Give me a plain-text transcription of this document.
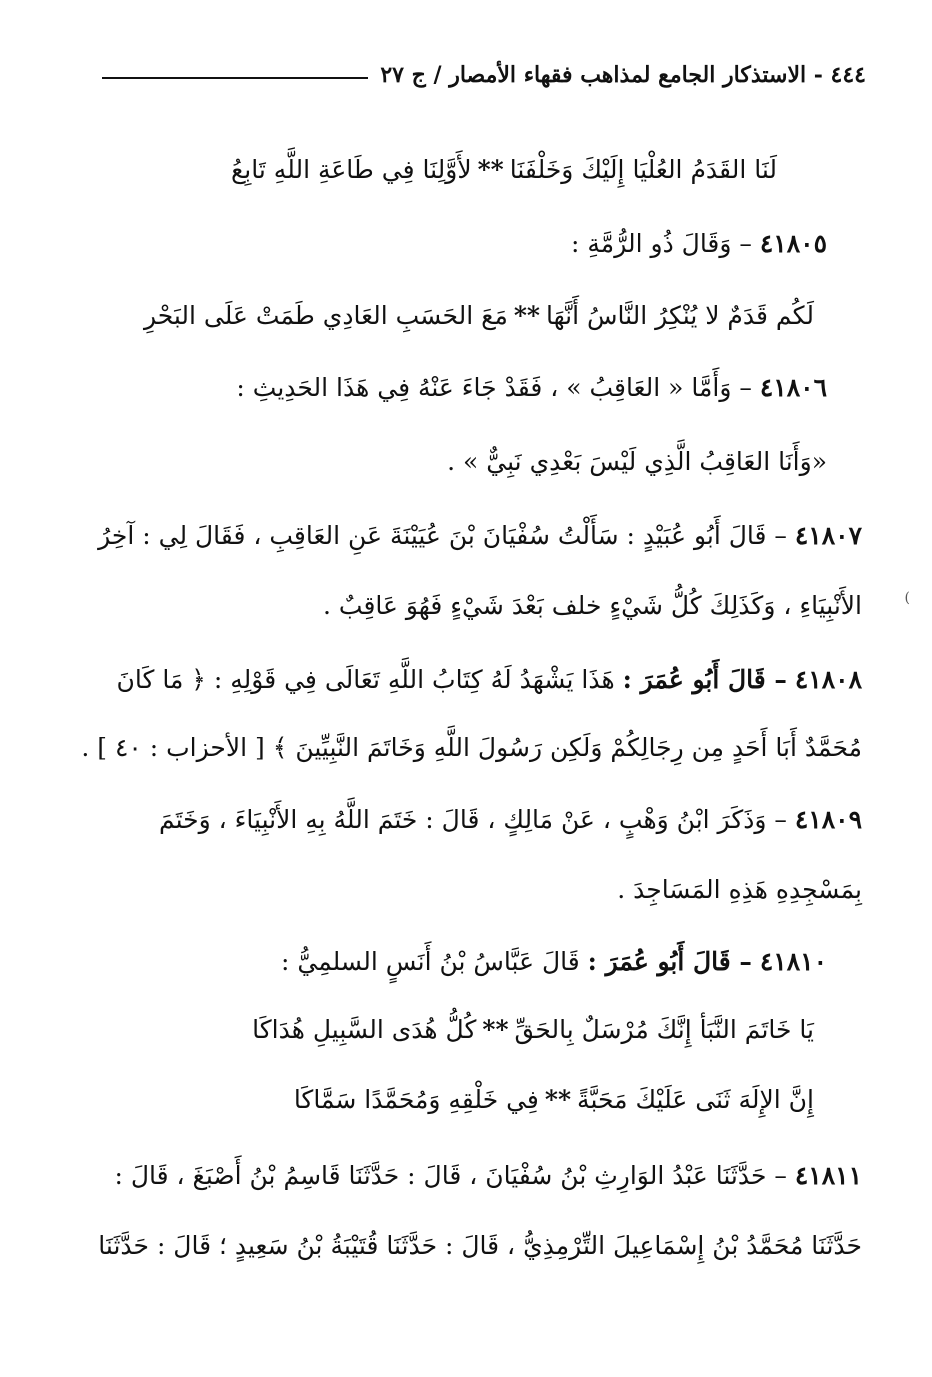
٤٤٤ - الاستذكار الجامع لمذاهب فقهاء الأمصار / ج ٢٧
لَنَا القَدَمُ العُلْيَا إِلَيْكَ وَخَلْفَنَا
**
لأَوَّلِنَا فِي طَاعَةِ اللَّهِ تَابِعُ
٤١٨٠٥ – وَقَالَ ذُو الرُّمَّةِ :
لَكُم قَدَمٌ لا يُنْكِرُ النَّاسُ أَنَّهَا
**
مَعَ الحَسَبِ العَادِي طَمَتْ عَلَى البَحْرِ
٤١٨٠٦ – وَأَمَّا « العَاقِبُ » ، فَقَدْ جَاءَ عَنْهُ فِي هَذَا الحَدِيثِ :
«وَأَنَا العَاقِبُ الَّذِي لَيْسَ بَعْدِي نَبِيٌّ » .
٤١٨٠٧ – قَالَ أَبُو عُبَيْدٍ : سَأَلْتُ سُفْيَانَ بْنَ عُيَيْنَةَ عَنِ العَاقِبِ ، فَقَالَ لِي : آخِرُ
الأَنْبِيَاءِ ، وَكَذَلِكَ كُلُّ شَيْءٍ خلف بَعْدَ شَيْءٍ فَهُوَ عَاقِبٌ .
٤١٨٠٨ – قَالَ أَبُو عُمَرَ : هَذَا يَشْهَدُ لَهُ كِتَابُ اللَّهِ تَعَالَى فِي قَوْلِهِ : ﴿ مَا كَانَ
مُحَمَّدٌ أَبَا أَحَدٍ مِن رِجَالِكُمْ وَلَكِن رَسُولَ اللَّهِ وَخَاتَمَ النَّبِيِّينَ ﴾ [ الأحزاب : ٤٠ ] .
٤١٨٠٩ – وَذَكَرَ ابْنُ وَهْبٍ ، عَنْ مَالِكٍ ، قَالَ : خَتَمَ اللَّهُ بِهِ الأَنْبِيَاءَ ، وَخَتَمَ
بِمَسْجِدِهِ هَذِهِ المَسَاجِدَ .
٤١٨١٠ – قَالَ أَبُو عُمَرَ : قَالَ عَبَّاسُ بْنُ أَنَسٍ السلمِيُّ :
يَا خَاتَمَ النَّبَأ إِنَّكَ مُرْسَلٌ بِالحَقِّ
**
كُلُّ هُدَى السَّبِيلِ هُدَاكَا
إِنَّ الإِلَهَ ثَنَى عَلَيْكَ مَحَبَّةً
**
فِي خَلْقِهِ وَمُحَمَّدًا سَمَّاكَا
٤١٨١١ – حَدَّثَنَا عَبْدُ الوَارِثِ بْنُ سُفْيَانَ ، قَالَ : حَدَّثَنَا قَاسِمُ بْنُ أَصْبَغَ ، قَالَ :
حَدَّثَنَا مُحَمَّدُ بْنُ إِسْمَاعِيلَ التِّرْمِذِيُّ ، قَالَ : حَدَّثَنَا قُتَيْبَةُ بْنُ سَعِيدٍ ؛ قَالَ : حَدَّثَنَا
)
